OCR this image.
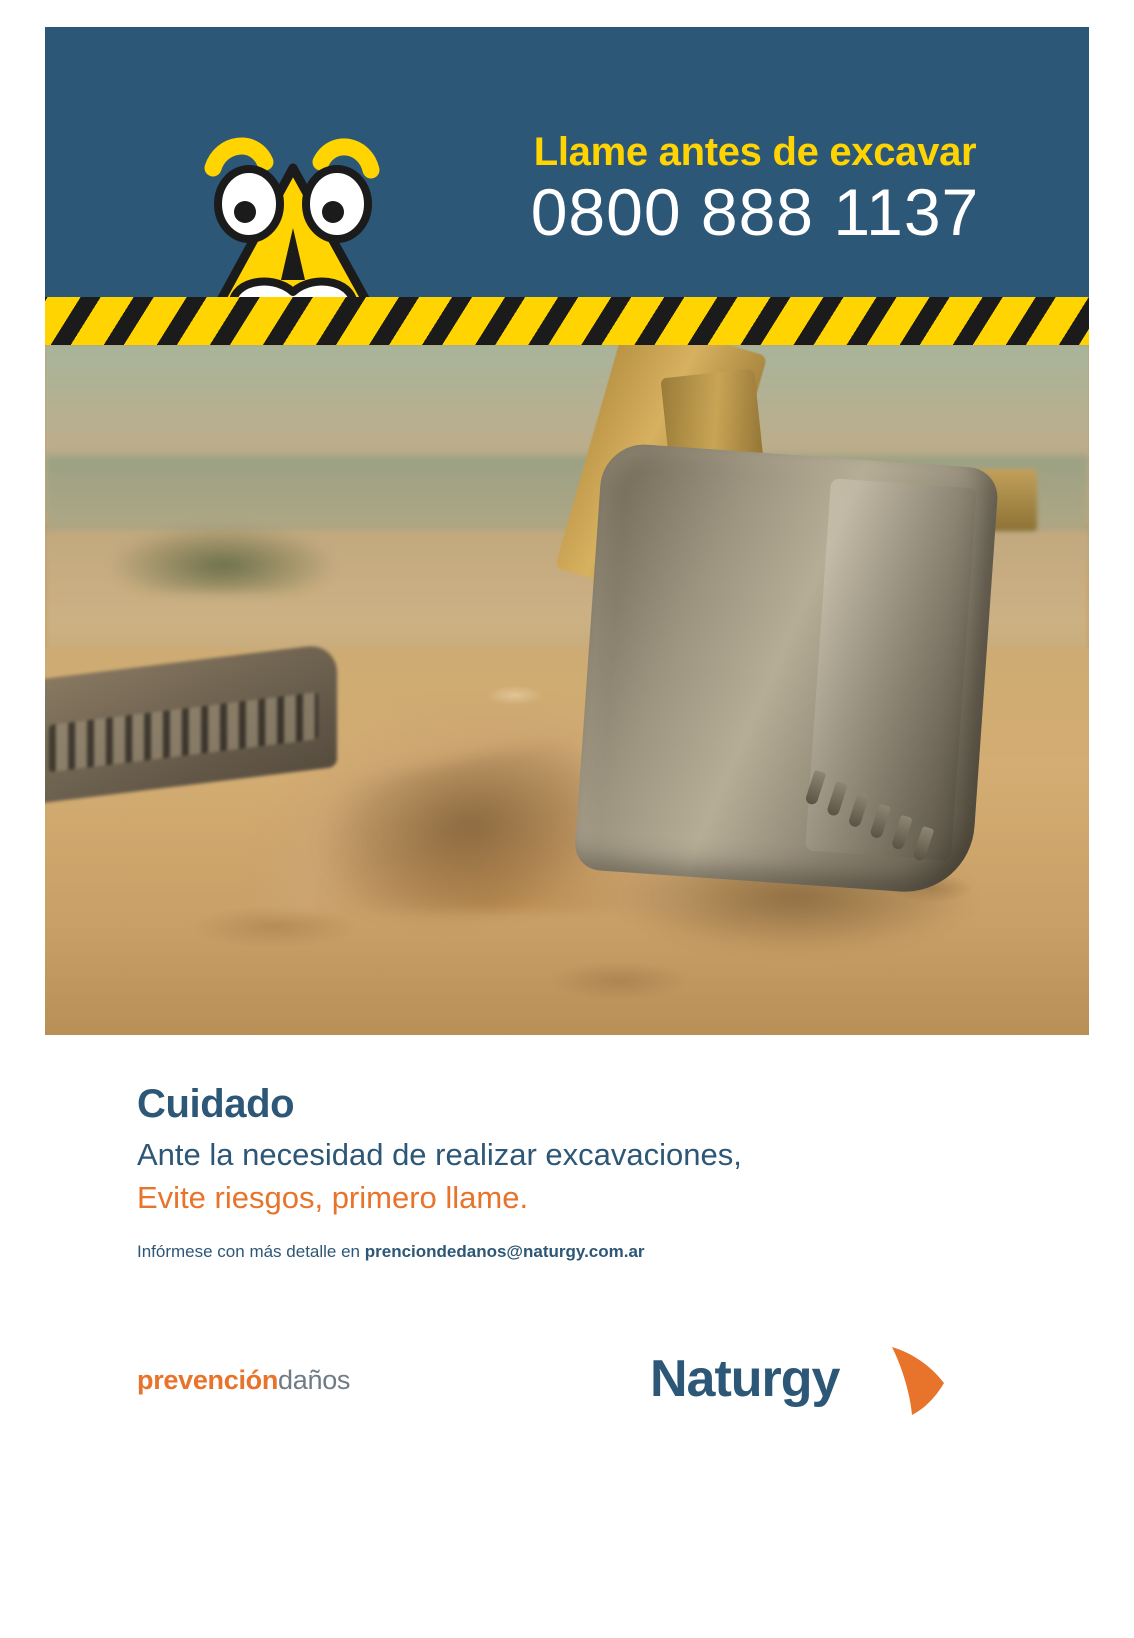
Llame antes de excavar
0800 888 1137
Cuidado
Ante la necesidad de realizar excavaciones,
Evite riesgos, primero llame.
Infórmese con más detalle en prenciondedanos@naturgy.com.ar
prevencióndaños	Naturgy
